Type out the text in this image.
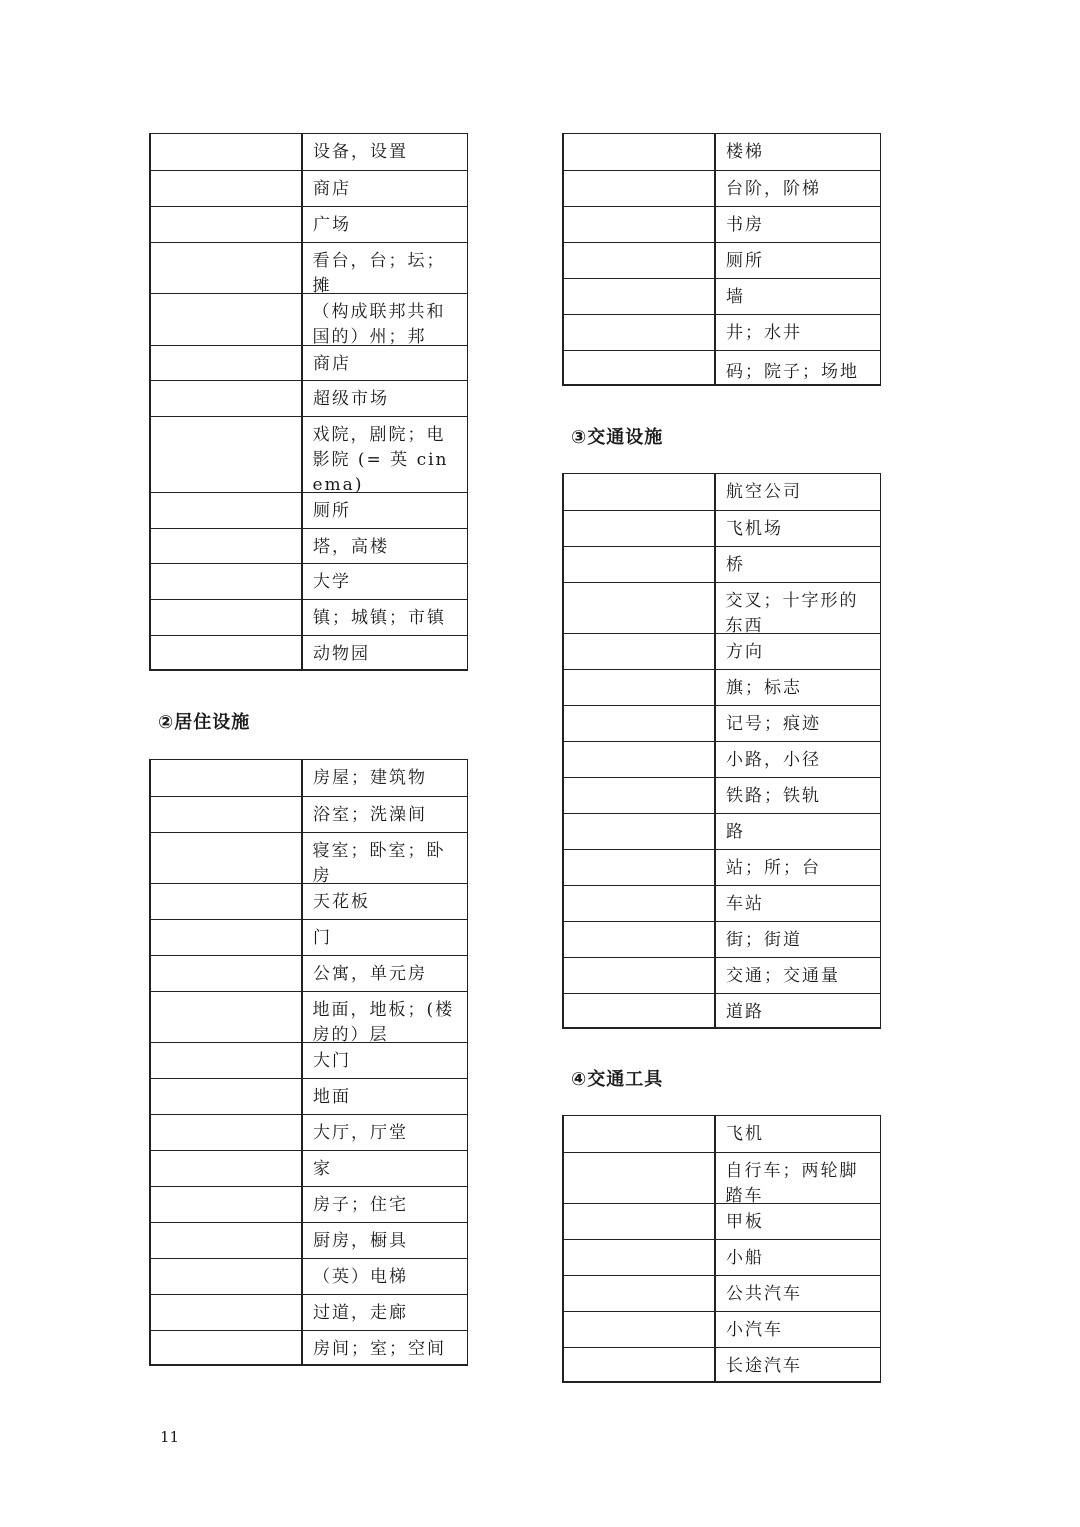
设备，设置
商店
广场
看台，台；坛；摊
（构成联邦共和国的）州；邦
商店
超级市场
戏院，剧院；电影院 (= 英 cinema)
厕所
塔，高楼
大学
镇；城镇；市镇
动物园
②居住设施
房屋；建筑物
浴室；洗澡间
寝室；卧室；卧房
天花板
门
公寓，单元房
地面，地板；(楼房的）层
大门
地面
大厅，厅堂
家
房子；住宅
厨房，橱具
（英）电梯
过道，走廊
房间；室；空间
楼梯
台阶，阶梯
书房
厕所
墙
井；水井
码；院子；场地
③交通设施
航空公司
飞机场
桥
交叉；十字形的东西
方向
旗；标志
记号；痕迹
小路，小径
铁路；铁轨
路
站；所；台
车站
街；街道
交通；交通量
道路
④交通工具
飞机
自行车；两轮脚踏车
甲板
小船
公共汽车
小汽车
长途汽车
11
